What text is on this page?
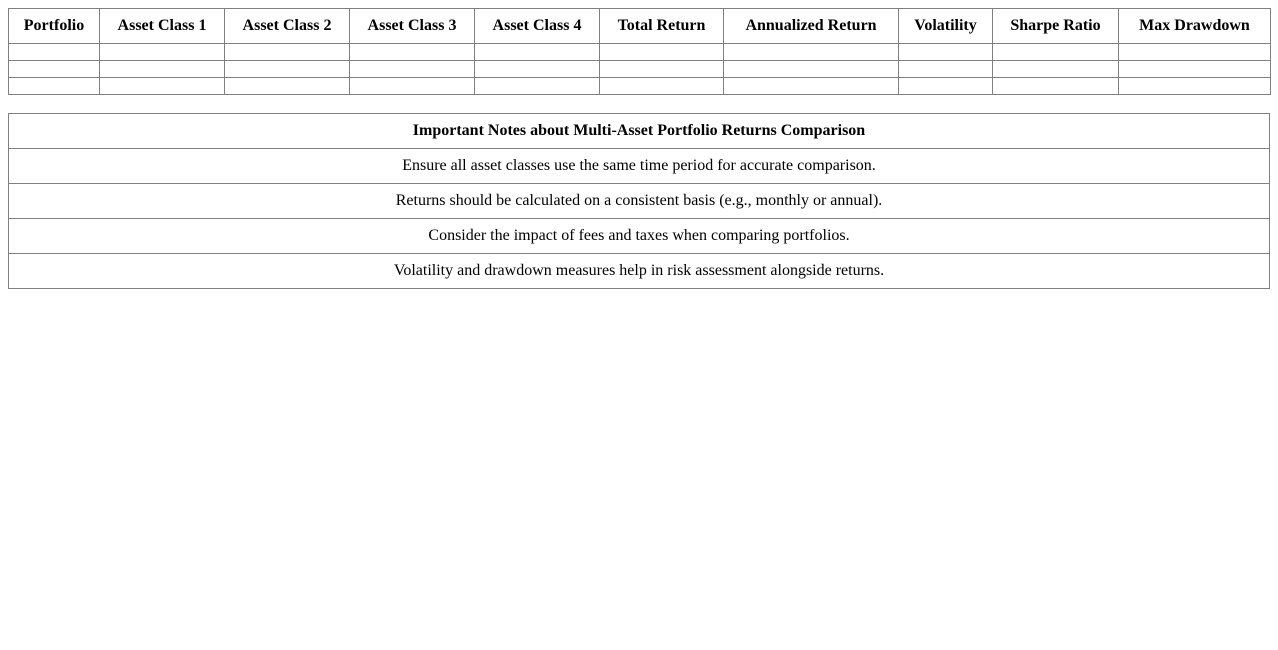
Portfolio	Asset Class 1	Asset Class 2	Asset Class 3	Asset Class 4	Total Return	Annualized Return	Volatility	Sharpe Ratio	Max Drawdown

Important Notes about Multi-Asset Portfolio Returns Comparison
Ensure all asset classes use the same time period for accurate comparison.
Returns should be calculated on a consistent basis (e.g., monthly or annual).
Consider the impact of fees and taxes when comparing portfolios.
Volatility and drawdown measures help in risk assessment alongside returns.
